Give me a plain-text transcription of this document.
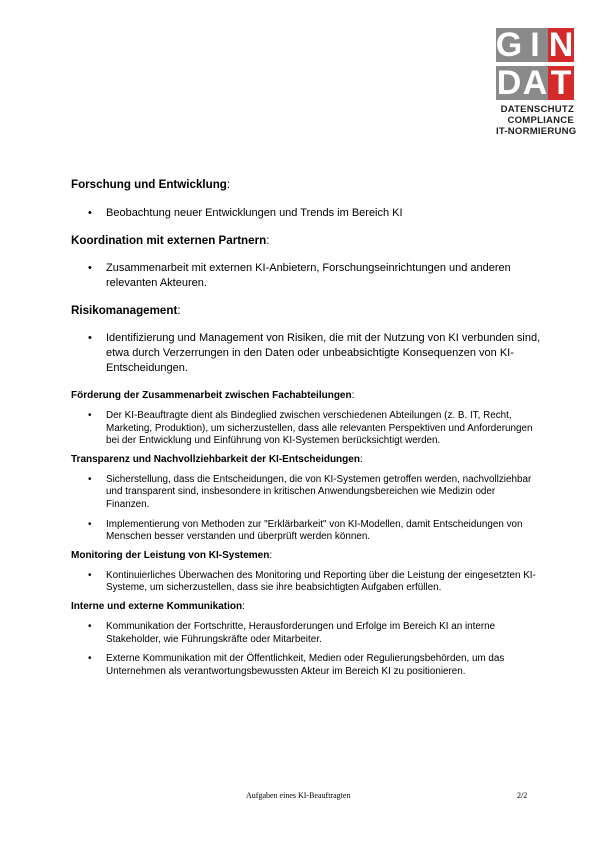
G I N
D A T
DATENSCHUTZ
COMPLIANCE
IT-NORMIERUNG

Forschung und Entwicklung:

• Beobachtung neuer Entwicklungen und Trends im Bereich KI

Koordination mit externen Partnern:

• Zusammenarbeit mit externen KI-Anbietern, Forschungseinrichtungen und anderen relevanten Akteuren.

Risikomanagement:

• Identifizierung und Management von Risiken, die mit der Nutzung von KI verbunden sind, etwa durch Verzerrungen in den Daten oder unbeabsichtigte Konsequenzen von KI-Entscheidungen.

Förderung der Zusammenarbeit zwischen Fachabteilungen:

• Der KI-Beauftragte dient als Bindeglied zwischen verschiedenen Abteilungen (z. B. IT, Recht, Marketing, Produktion), um sicherzustellen, dass alle relevanten Perspektiven und Anforderungen bei der Entwicklung und Einführung von KI-Systemen berücksichtigt werden.

Transparenz und Nachvollziehbarkeit der KI-Entscheidungen:

• Sicherstellung, dass die Entscheidungen, die von KI-Systemen getroffen werden, nachvollziehbar und transparent sind, insbesondere in kritischen Anwendungsbereichen wie Medizin oder Finanzen.
• Implementierung von Methoden zur "Erklärbarkeit" von KI-Modellen, damit Entscheidungen von Menschen besser verstanden und überprüft werden können.

Monitoring der Leistung von KI-Systemen:

• Kontinuierliches Überwachen des Monitoring und Reporting über die Leistung der eingesetzten KI-Systeme, um sicherzustellen, dass sie ihre beabsichtigten Aufgaben erfüllen.

Interne und externe Kommunikation:

• Kommunikation der Fortschritte, Herausforderungen und Erfolge im Bereich KI an interne Stakeholder, wie Führungskräfte oder Mitarbeiter.
• Externe Kommunikation mit der Öffentlichkeit, Medien oder Regulierungsbehörden, um das Unternehmen als verantwortungsbewussten Akteur im Bereich KI zu positionieren.
Aufgaben eines KI-Beauftragten	2/2
